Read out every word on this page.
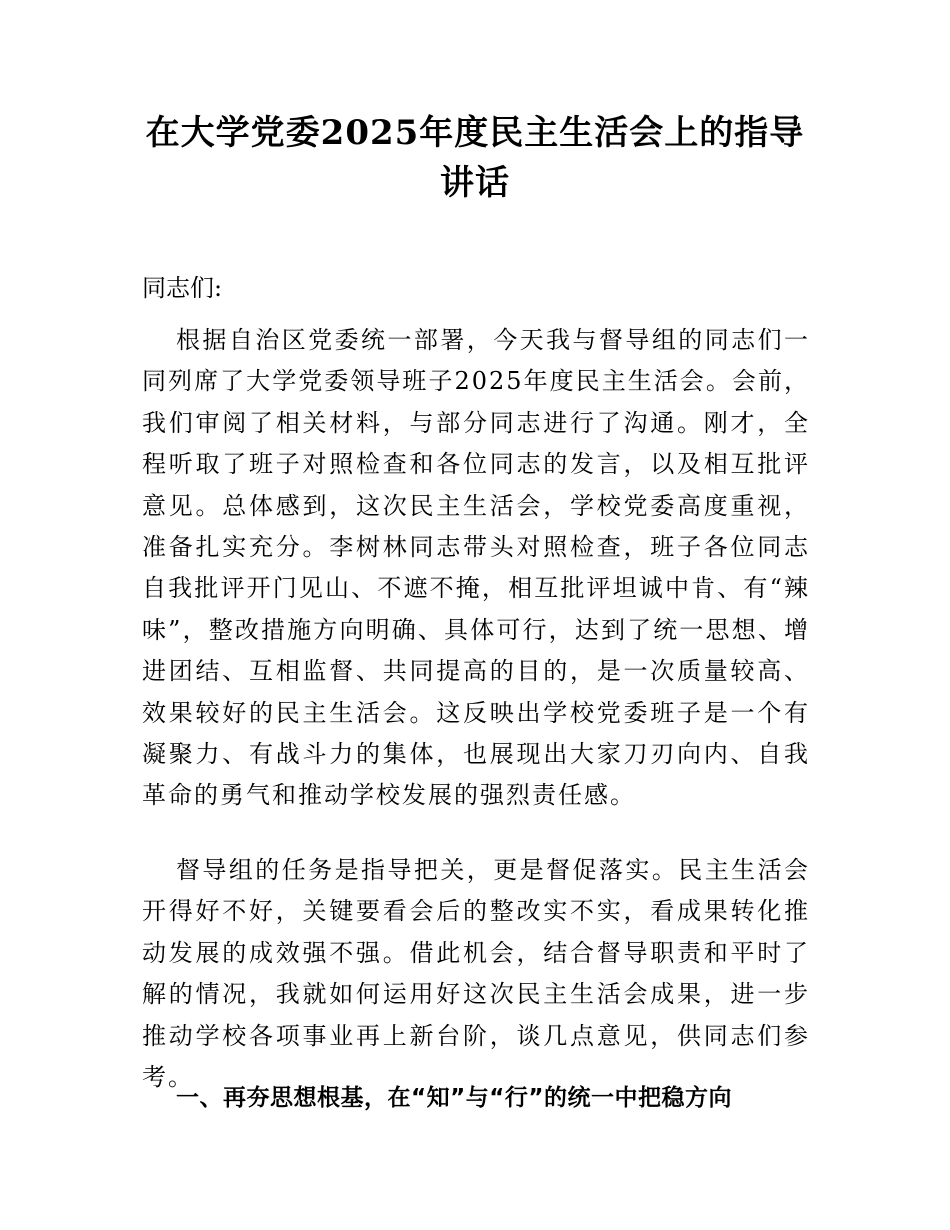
在大学党委2025年度民主生活会上的指导讲话

同志们:

根据自治区党委统一部署，今天我与督导组的同志们一同列席了大学党委领导班子2025年度民主生活会。会前，我们审阅了相关材料，与部分同志进行了沟通。刚才，全程听取了班子对照检查和各位同志的发言，以及相互批评意见。总体感到，这次民主生活会，学校党委高度重视，准备扎实充分。李树林同志带头对照检查，班子各位同志自我批评开门见山、不遮不掩，相互批评坦诚中肯、有“辣味”，整改措施方向明确、具体可行，达到了统一思想、增进团结、互相监督、共同提高的目的，是一次质量较高、效果较好的民主生活会。这反映出学校党委班子是一个有凝聚力、有战斗力的集体，也展现出大家刀刃向内、自我革命的勇气和推动学校发展的强烈责任感。

督导组的任务是指导把关，更是督促落实。民主生活会开得好不好，关键要看会后的整改实不实，看成果转化推动发展的成效强不强。借此机会，结合督导职责和平时了解的情况，我就如何运用好这次民主生活会成果，进一步推动学校各项事业再上新台阶，谈几点意见，供同志们参考。

一、再夯思想根基，在“知”与“行”的统一中把稳方向
